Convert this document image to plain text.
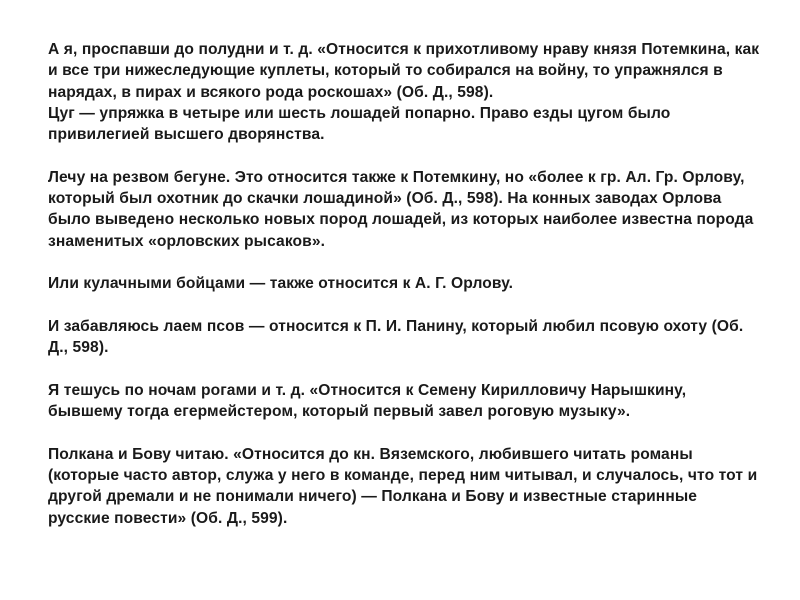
А я, проспавши до полудни и т. д. «Относится к прихотливому нраву князя Потемкина, как и все три нижеследующие куплеты, который то собирался на войну, то упражнялся в нарядах, в пирах и всякого рода роскошах» (Об. Д., 598).

Цуг — упряжка в четыре или шесть лошадей попарно. Право езды цугом было привилегией высшего дворянства.

Лечу на резвом бегуне. Это относится также к Потемкину, но «более к гр. Ал. Гр. Орлову, который был охотник до скачки лошадиной» (Об. Д., 598). На конных заводах Орлова было выведено несколько новых пород лошадей, из которых наиболее известна порода знаменитых «орловских рысаков».

Или кулачными бойцами — также относится к А. Г. Орлову.

И забавляюсь лаем псов — относится к П. И. Панину, который любил псовую охоту (Об. Д., 598).

Я тешусь по ночам рогами и т. д. «Относится к Семену Кирилловичу Нарышкину, бывшему тогда егермейстером, который первый завел роговую музыку».

Полкана и Бову читаю. «Относится до кн. Вяземского, любившего читать романы (которые часто автор, служа у него в команде, перед ним читывал, и случалось, что тот и другой дремали и не понимали ничего) — Полкана и Бову и известные старинные русские повести» (Об. Д., 599).
